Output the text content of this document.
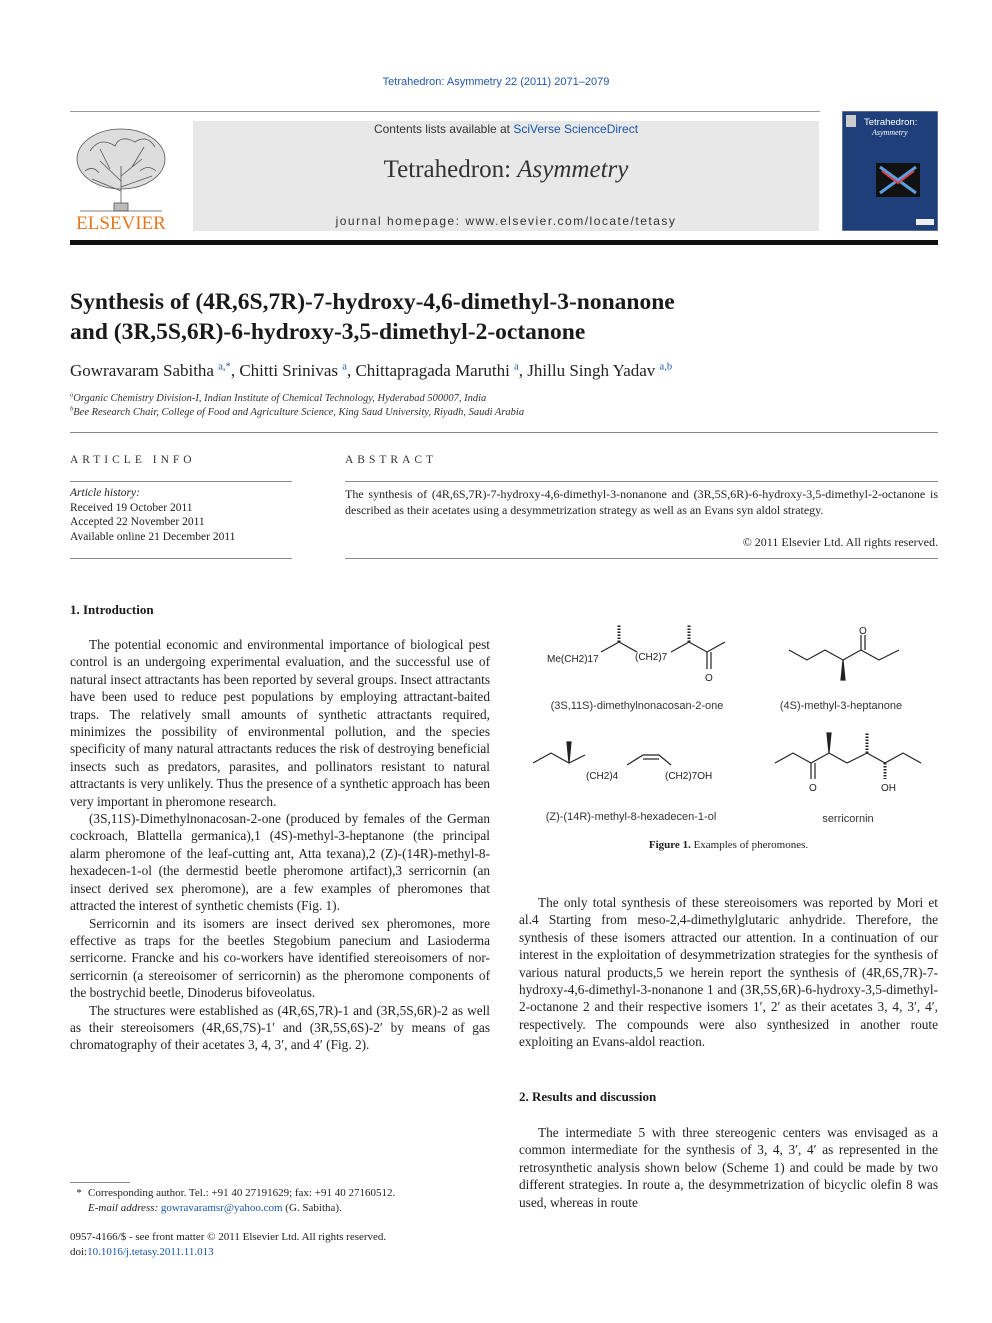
Tetrahedron: Asymmetry 22 (2011) 2071–2079
Contents lists available at SciVerse ScienceDirect
Tetrahedron: Asymmetry
journal homepage: www.elsevier.com/locate/tetasy
ELSEVIER
Tetrahedron:
Asymmetry
Synthesis of (4R,6S,7R)-7-hydroxy-4,6-dimethyl-3-nonanone
and (3R,5S,6R)-6-hydroxy-3,5-dimethyl-2-octanone
Gowravaram Sabitha $^{a,*}$, Chitti Srinivas $^a$, Chittapragada Maruthi $^a$, Jhillu Singh Yadav $^{a,b}$
$^a$Organic Chemistry Division-I, Indian Institute of Chemical Technology, Hyderabad 500007, India
$^b$Bee Research Chair, College of Food and Agriculture Science, King Saud University, Riyadh, Saudi Arabia
ARTICLE INFO
Article history:
Received 19 October 2011
Accepted 22 November 2011
Available online 21 December 2011
ABSTRACT
The synthesis of (4R,6S,7R)-7-hydroxy-4,6-dimethyl-3-nonanone and (3R,5S,6R)-6-hydroxy-3,5-dimethyl-2-octanone is described as their acetates using a desymmetrization strategy as well as an Evans syn aldol strategy.
© 2011 Elsevier Ltd. All rights reserved.
1. Introduction

The potential economic and environmental importance of biological pest control is an undergoing experimental evaluation, and the successful use of natural insect attractants has been reported by several groups. Insect attractants have been used to reduce pest populations by employing attractant-baited traps. The relatively small amounts of synthetic attractants required, minimizes the possibility of environmental pollution, and the species specificity of many natural attractants reduces the risk of destroying beneficial insects such as predators, parasites, and pollinators resistant to natural attractants is very unlikely. Thus the presence of a synthetic approach has been very important in pheromone research.

(3S,11S)-Dimethylnonacosan-2-one (produced by females of the German cockroach, Blattella germanica),1 (4S)-methyl-3-heptanone (the principal alarm pheromone of the leaf-cutting ant, Atta texana),2 (Z)-(14R)-methyl-8-hexadecen-1-ol (the dermestid beetle pheromone artifact),3 serricornin (an insect derived sex pheromone), are a few examples of pheromones that attracted the interest of synthetic chemists (Fig. 1).

Serricornin and its isomers are insect derived sex pheromones, more effective as traps for the beetles Stegobium panecium and Lasioderma serricorne. Francke and his co-workers have identified stereoisomers of nor-serricornin (a stereoisomer of serricornin) as the pheromone components of the bostrychid beetle, Dinoderus bifoveolatus.

The structures were established as (4R,6S,7R)-1 and (3R,5S,6R)-2 as well as their stereoisomers (4R,6S,7S)-1′ and (3R,5S,6S)-2′ by means of gas chromatography of their acetates 3, 4, 3′, and 4′ (Fig. 2).

Me(CH2)17	(CH2)7
O
(3S,11S)-dimethylnonacosan-2-one
O
(4S)-methyl-3-heptanone
(CH2)4	(CH2)7OH
(Z)-(14R)-methyl-8-hexadecen-1-ol
O	OH
serricornin
Figure 1. Examples of pheromones.

The only total synthesis of these stereoisomers was reported by Mori et al.4 Starting from meso-2,4-dimethylglutaric anhydride. Therefore, the synthesis of these isomers attracted our attention. In a continuation of our interest in the exploitation of desymmetrization strategies for the synthesis of various natural products,5 we herein report the synthesis of (4R,6S,7R)-7-hydroxy-4,6-dimethyl-3-nonanone 1 and (3R,5S,6R)-6-hydroxy-3,5-dimethyl-2-octanone 2 and their respective isomers 1′, 2′ as their acetates 3, 4, 3′, 4′, respectively. The compounds were also synthesized in another route exploiting an Evans-aldol reaction.

2. Results and discussion

The intermediate 5 with three stereogenic centers was envisaged as a common intermediate for the synthesis of 3, 4, 3′, 4′ as represented in the retrosynthetic analysis shown below (Scheme 1) and could be made by two different strategies. In route a, the desymmetrization of bicyclic olefin 8 was used, whereas in route

* Corresponding author. Tel.: +91 40 27191629; fax: +91 40 27160512.
E-mail address: gowravaramsr@yahoo.com (G. Sabitha).
0957-4166/$ - see front matter © 2011 Elsevier Ltd. All rights reserved.
doi:10.1016/j.tetasy.2011.11.013
